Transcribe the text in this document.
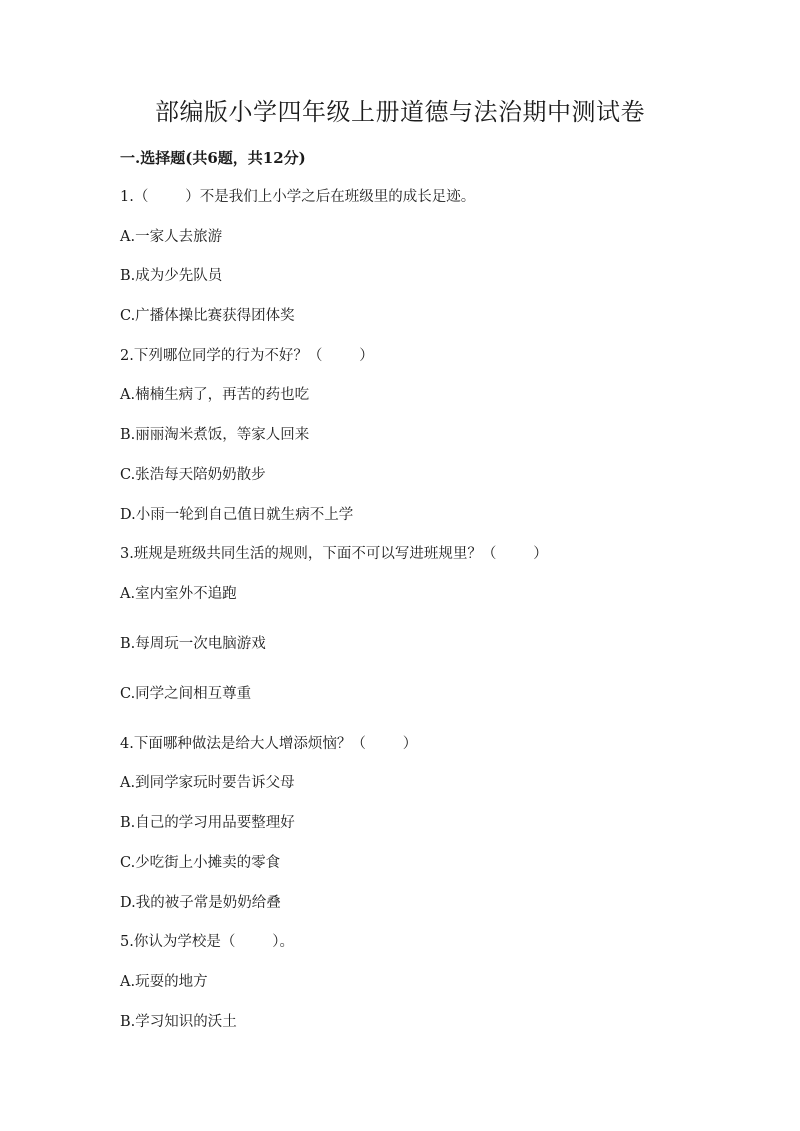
部编版小学四年级上册道德与法治期中测试卷
一.选择题(共6题，共12分)
1.（        ）不是我们上小学之后在班级里的成长足迹。
A.一家人去旅游
B.成为少先队员
C.广播体操比赛获得团体奖
2.下列哪位同学的行为不好？（        ）
A.楠楠生病了，再苦的药也吃
B.丽丽淘米煮饭，等家人回来
C.张浩每天陪奶奶散步
D.小雨一轮到自己值日就生病不上学
3.班规是班级共同生活的规则，下面不可以写进班规里？（        ）
A.室内室外不追跑
B.每周玩一次电脑游戏
C.同学之间相互尊重
4.下面哪种做法是给大人增添烦恼？（        ）
A.到同学家玩时要告诉父母
B.自己的学习用品要整理好
C.少吃街上小摊卖的零食
D.我的被子常是奶奶给叠
5.你认为学校是（        ）。
A.玩耍的地方
B.学习知识的沃土
